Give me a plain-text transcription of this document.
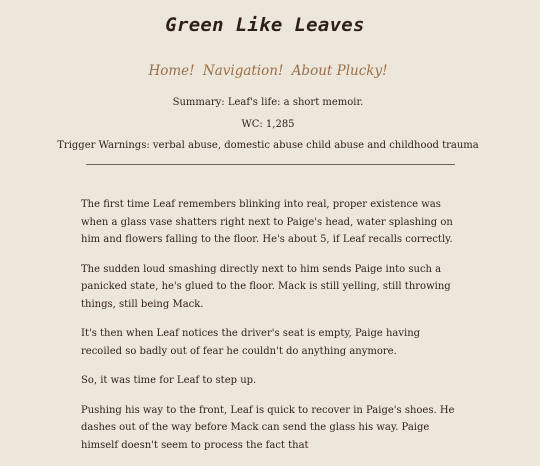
Green Like Leaves
Home! Navigation! About Plucky!
Summary: Leaf's life: a short memoir.
WC: 1,285
Trigger Warnings: verbal abuse, domestic abuse child abuse and childhood trauma

The first time Leaf remembers blinking into real, proper existence was when a glass vase shatters right next to Paige's head, water splashing on him and flowers falling to the floor. He's about 5, if Leaf recalls correctly.

The sudden loud smashing directly next to him sends Paige into such a panicked state, he's glued to the floor. Mack is still yelling, still throwing things, still being Mack.

It's then when Leaf notices the driver's seat is empty, Paige having recoiled so badly out of fear he couldn't do anything anymore.

So, it was time for Leaf to step up.

Pushing his way to the front, Leaf is quick to recover in Paige's shoes. He dashes out of the way before Mack can send the glass his way. Paige himself doesn't seem to process the fact that
